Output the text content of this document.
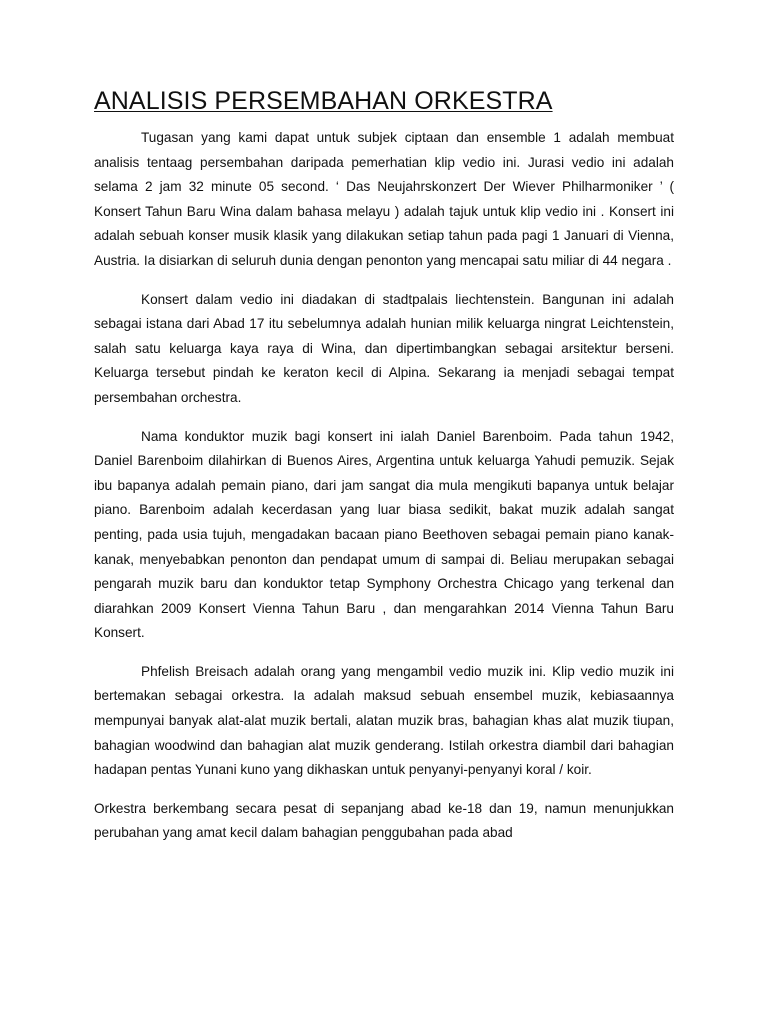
ANALISIS PERSEMBAHAN ORKESTRA

Tugasan yang kami dapat untuk subjek ciptaan dan ensemble 1 adalah membuat analisis tentaag persembahan daripada pemerhatian klip vedio ini. Jurasi vedio ini adalah selama 2 jam 32 minute 05 second. ‘ Das Neujahrskonzert Der Wiever Philharmoniker ’ ( Konsert Tahun Baru Wina dalam bahasa melayu ) adalah tajuk untuk klip vedio ini . Konsert ini adalah sebuah konser musik klasik yang dilakukan setiap tahun pada pagi 1 Januari di Vienna, Austria. Ia disiarkan di seluruh dunia dengan penonton yang mencapai satu miliar di 44 negara .

Konsert dalam vedio ini diadakan di stadtpalais liechtenstein. Bangunan ini adalah sebagai istana dari Abad 17 itu sebelumnya adalah hunian milik keluarga ningrat Leichtenstein, salah satu keluarga kaya raya di Wina, dan dipertimbangkan sebagai arsitektur berseni. Keluarga tersebut pindah ke keraton kecil di Alpina. Sekarang ia menjadi sebagai tempat persembahan orchestra.

Nama konduktor muzik bagi konsert ini ialah Daniel Barenboim. Pada tahun 1942, Daniel Barenboim dilahirkan di Buenos Aires, Argentina untuk keluarga Yahudi pemuzik. Sejak ibu bapanya adalah pemain piano, dari jam sangat dia mula mengikuti bapanya untuk belajar piano. Barenboim adalah kecerdasan yang luar biasa sedikit, bakat muzik adalah sangat penting, pada usia tujuh, mengadakan bacaan piano Beethoven sebagai pemain piano kanak-kanak, menyebabkan penonton dan pendapat umum di sampai di. Beliau merupakan sebagai pengarah muzik baru dan konduktor tetap Symphony Orchestra Chicago yang terkenal dan diarahkan 2009 Konsert Vienna Tahun Baru , dan mengarahkan 2014 Vienna Tahun Baru Konsert.

Phfelish Breisach adalah orang yang mengambil vedio muzik ini. Klip vedio muzik ini bertemakan sebagai orkestra. Ia adalah maksud sebuah ensembel muzik, kebiasaannya mempunyai banyak alat-alat muzik bertali, alatan muzik bras, bahagian khas alat muzik tiupan, bahagian woodwind dan bahagian alat muzik genderang. Istilah orkestra diambil dari bahagian hadapan pentas Yunani kuno yang dikhaskan untuk penyanyi-penyanyi koral / koir.

Orkestra berkembang secara pesat di sepanjang abad ke-18 dan 19, namun menunjukkan perubahan yang amat kecil dalam bahagian penggubahan pada abad
